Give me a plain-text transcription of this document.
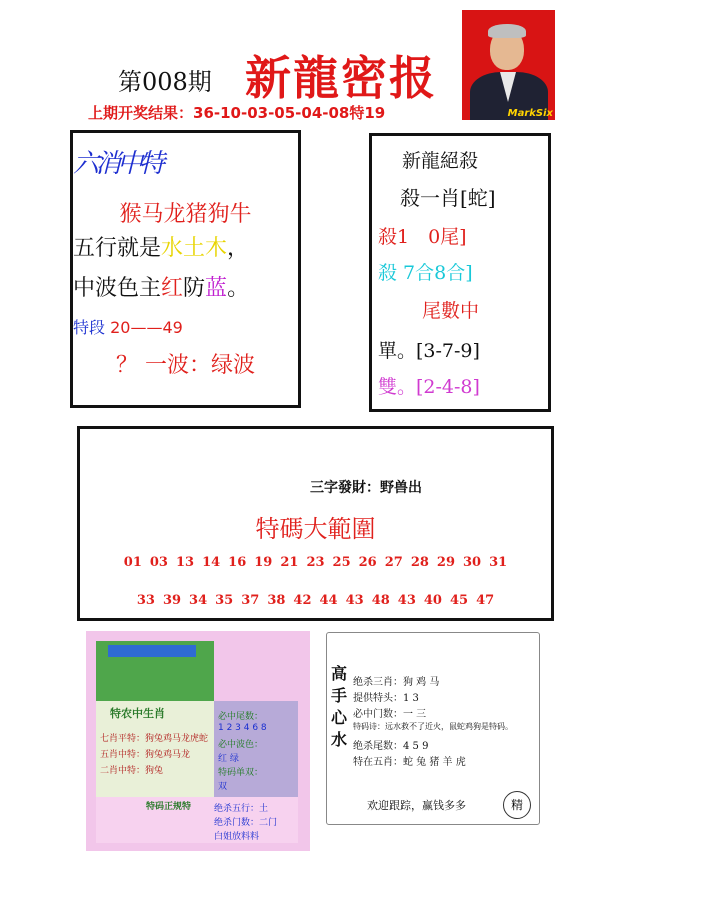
第008期 新龍密报
上期开奖结果：36-10-03-05-04-08特19	MarkSix
六消中特
猴马龙猪狗牛
五行就是水土木，
中波色主红防蓝。
特段 20——49
？ 一波：绿波
新龍絕殺
殺一肖[蛇]
殺1　0尾]
殺 7合8合]
尾數中
單。[3-7-9]
雙。[2-4-8]
三字發財：野兽出
特碼大範圍
01 03 13 14 16 19 21 23 25 26 27 28 29 30 31
33 39 34 35 37 38 42 44 43 48 43 40 45 47
特农中生肖
七肖平特：狗兔鸡马龙虎蛇
五肖中特：狗兔鸡马龙
二肖中特：狗兔
必中尾数：
1 2 3 4 6 8
必中波色：
红 绿
特码单双：
双
特码正规特	绝杀五行：土
绝杀门数：二门
白姐放料料
高
手
心
水
绝杀三肖：狗 鸡 马
提供特头：1 3
必中门数：一 三
特码诗：远水救不了近火，鼠蛇鸡狗是特码。
绝杀尾数：4 5 9
特在五肖：蛇 兔 猪 羊 虎
欢迎跟踪，赢钱多多	精
